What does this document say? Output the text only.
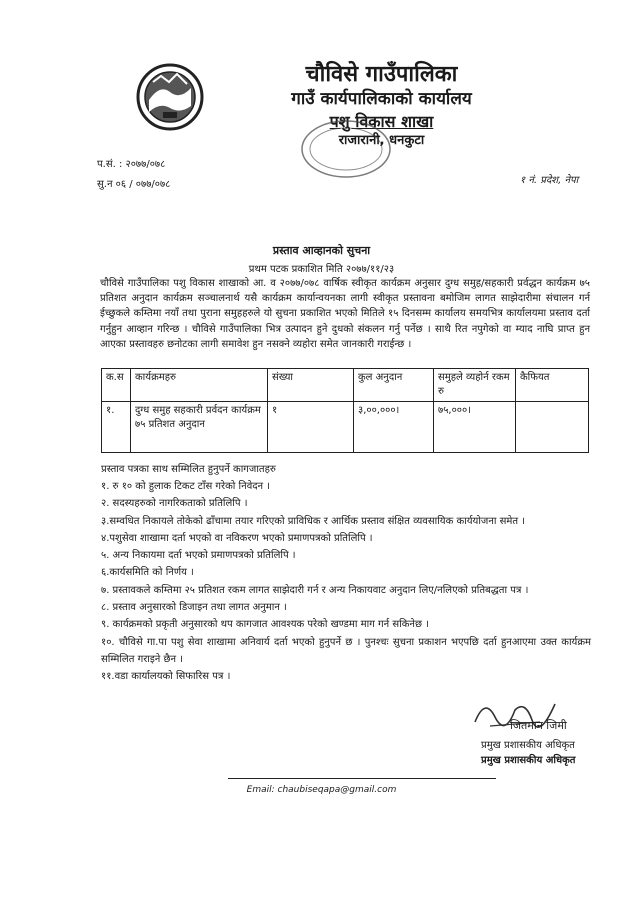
चौविसे गाउँपालिका
गाउँ कार्यपालिकाको कार्यालय
पशु विकास शाखा
राजारानी, धनकुटा
प.सं. : २०७७/०७८
सु.न ०६ / ०७७/०७८	१ नं. प्रदेश, नेपा
प्रस्ताव आव्हानको सुचना
प्रथम पटक प्रकाशित मिति २०७७/११/२३
चौविसे गाउँपालिका पशु विकास शाखाको आ. व २०७७/०७८ वार्षिक स्वीकृत कार्यक्रम अनुसार दुग्ध समुह/सहकारी प्रर्वद्धन कार्यक्रम ७५ प्रतिशत अनुदान कार्यक्रम सञ्चालनार्थ यसै कार्यक्रम कार्यान्वयनका लागी स्वीकृत प्रस्तावना बमोजिम लागत साझेदारीमा संचालन गर्न ईच्छुकले कम्तिमा नयाँ तथा पुराना समुहहरुले यो सुचना प्रकाशित भएको मितिले १५ दिनसम्म कार्यालय समयभित्र कार्यालयमा प्रस्ताव दर्ता गर्नुहुन आव्हान गरिन्छ । चौविसे गाउँपालिका भित्र उत्पादन हुने दुधको संकलन गर्नु पर्नेछ । साथै रित नपुगेको वा म्याद नाघि प्राप्त हुन आएका प्रस्तावहरु छनोटका लागी समावेश हुन नसक्ने व्यहोरा समेत जानकारी गराईन्छ ।
क.स	कार्यक्रमहरु	संख्या	कुल अनुदान	समुहले व्यहोर्न रकम रु	कैफियत
१.	दुग्ध समुह सहकारी प्रर्वदन कार्यक्रम ७५ प्रतिशत अनुदान	१	३,००,०००।	७५,०००।	
प्रस्ताव पत्रका साथ सम्मिलित हुनुपर्ने कागजातहरु
१. रु १० को हुलाक टिकट टाँस गरेको निवेदन ।
२. सदस्यहरुको नागरिकताको प्रतिलिपि ।
३.सम्वधित निकायले तोकेको ढाँचामा तयार गरिएको प्राविधिक र आर्थिक प्रस्ताव संक्षित व्यवसायिक कार्ययोजना समेत ।
४.पशुसेवा शाखामा दर्ता भएको वा नविकरण भएको प्रमाणपत्रको प्रतिलिपि ।
५. अन्य निकायमा दर्ता भएको प्रमाणपत्रको प्रतिलिपि ।
६.कार्यसमिति को निर्णय ।
७. प्रस्तावकले कम्तिमा २५ प्रतिशत रकम लागत साझेदारी गर्न र अन्य निकायवाट अनुदान लिए/नलिएको प्रतिबद्धता पत्र ।
८. प्रस्ताव अनुसारको डिजाइन तथा लागत अनुमान ।
९. कार्यक्रमको प्रकृती अनुसारको थप कागजात आवश्यक परेको खण्डमा माग गर्न सकिनेछ ।
१०. चौविसे गा.पा पशु सेवा शाखामा अनिवार्य दर्ता भएको हुनुपर्ने छ । पुनश्चः सुचना प्रकाशन भएपछि दर्ता हुनआएमा उक्त कार्यक्रम सम्मिलित गराइने छैन ।
११.वडा कार्यालयको सिफारिस पत्र ।
जितमान जिमी
प्रमुख प्रशासकीय अधिकृत
प्रमुख प्रशासकीय अधिकृत
Email: chaubiseqapa@gmail.com
